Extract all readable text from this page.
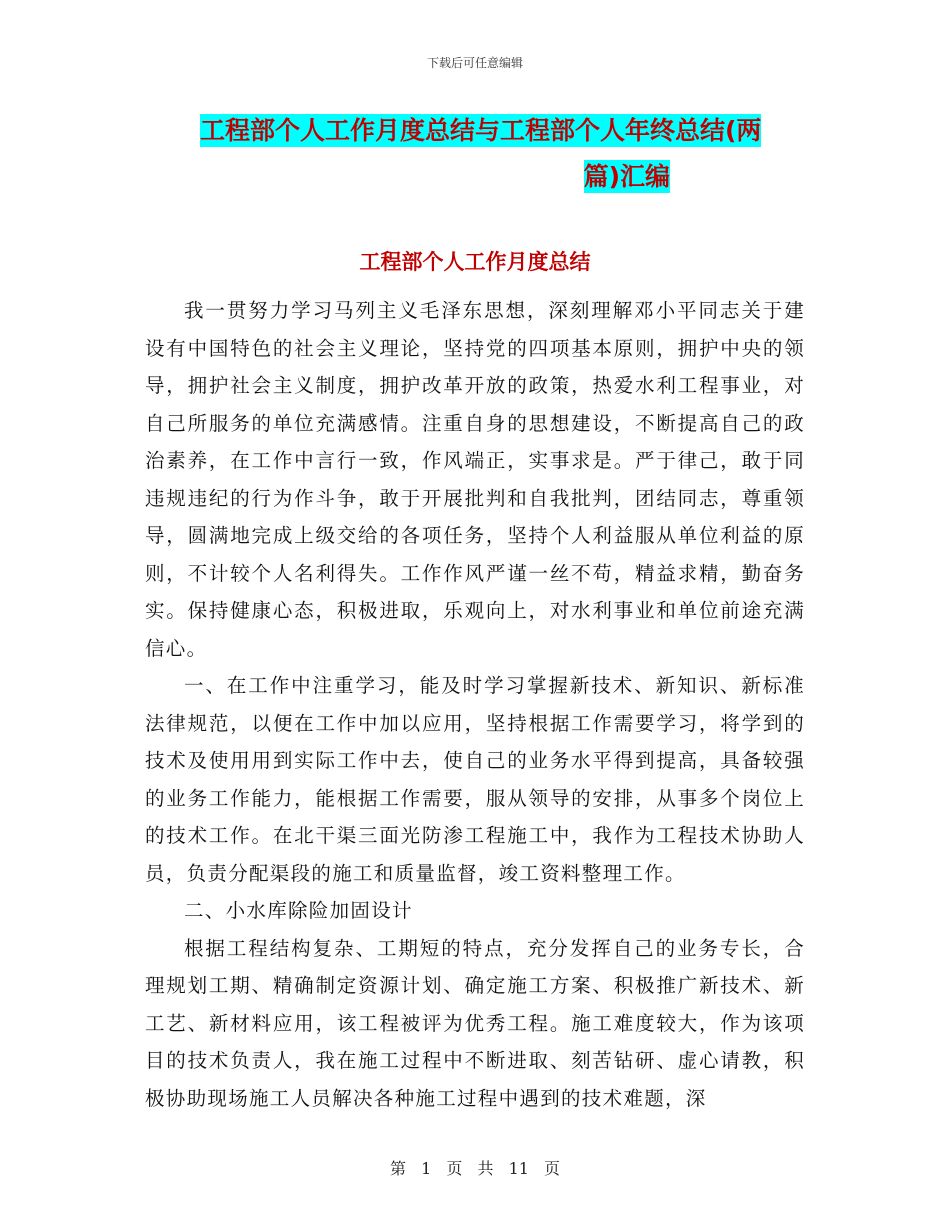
下载后可任意编辑
工程部个人工作月度总结与工程部个人年终总结(两
篇)汇编
工程部个人工作月度总结

我一贯努力学习马列主义毛泽东思想，深刻理解邓小平同志关于建设有中国特色的社会主义理论，坚持党的四项基本原则，拥护中央的领导，拥护社会主义制度，拥护改革开放的政策，热爱水利工程事业，对自己所服务的单位充满感情。注重自身的思想建设，不断提高自己的政治素养，在工作中言行一致，作风端正，实事求是。严于律己，敢于同违规违纪的行为作斗争，敢于开展批判和自我批判，团结同志，尊重领导，圆满地完成上级交给的各项任务，坚持个人利益服从单位利益的原则，不计较个人名利得失。工作作风严谨一丝不苟，精益求精，勤奋务实。保持健康心态，积极进取，乐观向上，对水利事业和单位前途充满信心。

一、在工作中注重学习，能及时学习掌握新技术、新知识、新标准法律规范，以便在工作中加以应用，坚持根据工作需要学习，将学到的技术及使用用到实际工作中去，使自己的业务水平得到提高，具备较强的业务工作能力，能根据工作需要，服从领导的安排，从事多个岗位上的技术工作。在北干渠三面光防渗工程施工中，我作为工程技术协助人员，负责分配渠段的施工和质量监督，竣工资料整理工作。

二、小水库除险加固设计

根据工程结构复杂、工期短的特点，充分发挥自己的业务专长，合理规划工期、精确制定资源计划、确定施工方案、积极推广新技术、新工艺、新材料应用，该工程被评为优秀工程。施工难度较大，作为该项目的技术负责人，我在施工过程中不断进取、刻苦钻研、虚心请教，积极协助现场施工人员解决各种施工过程中遇到的技术难题，深

第 1 页 共 11 页
